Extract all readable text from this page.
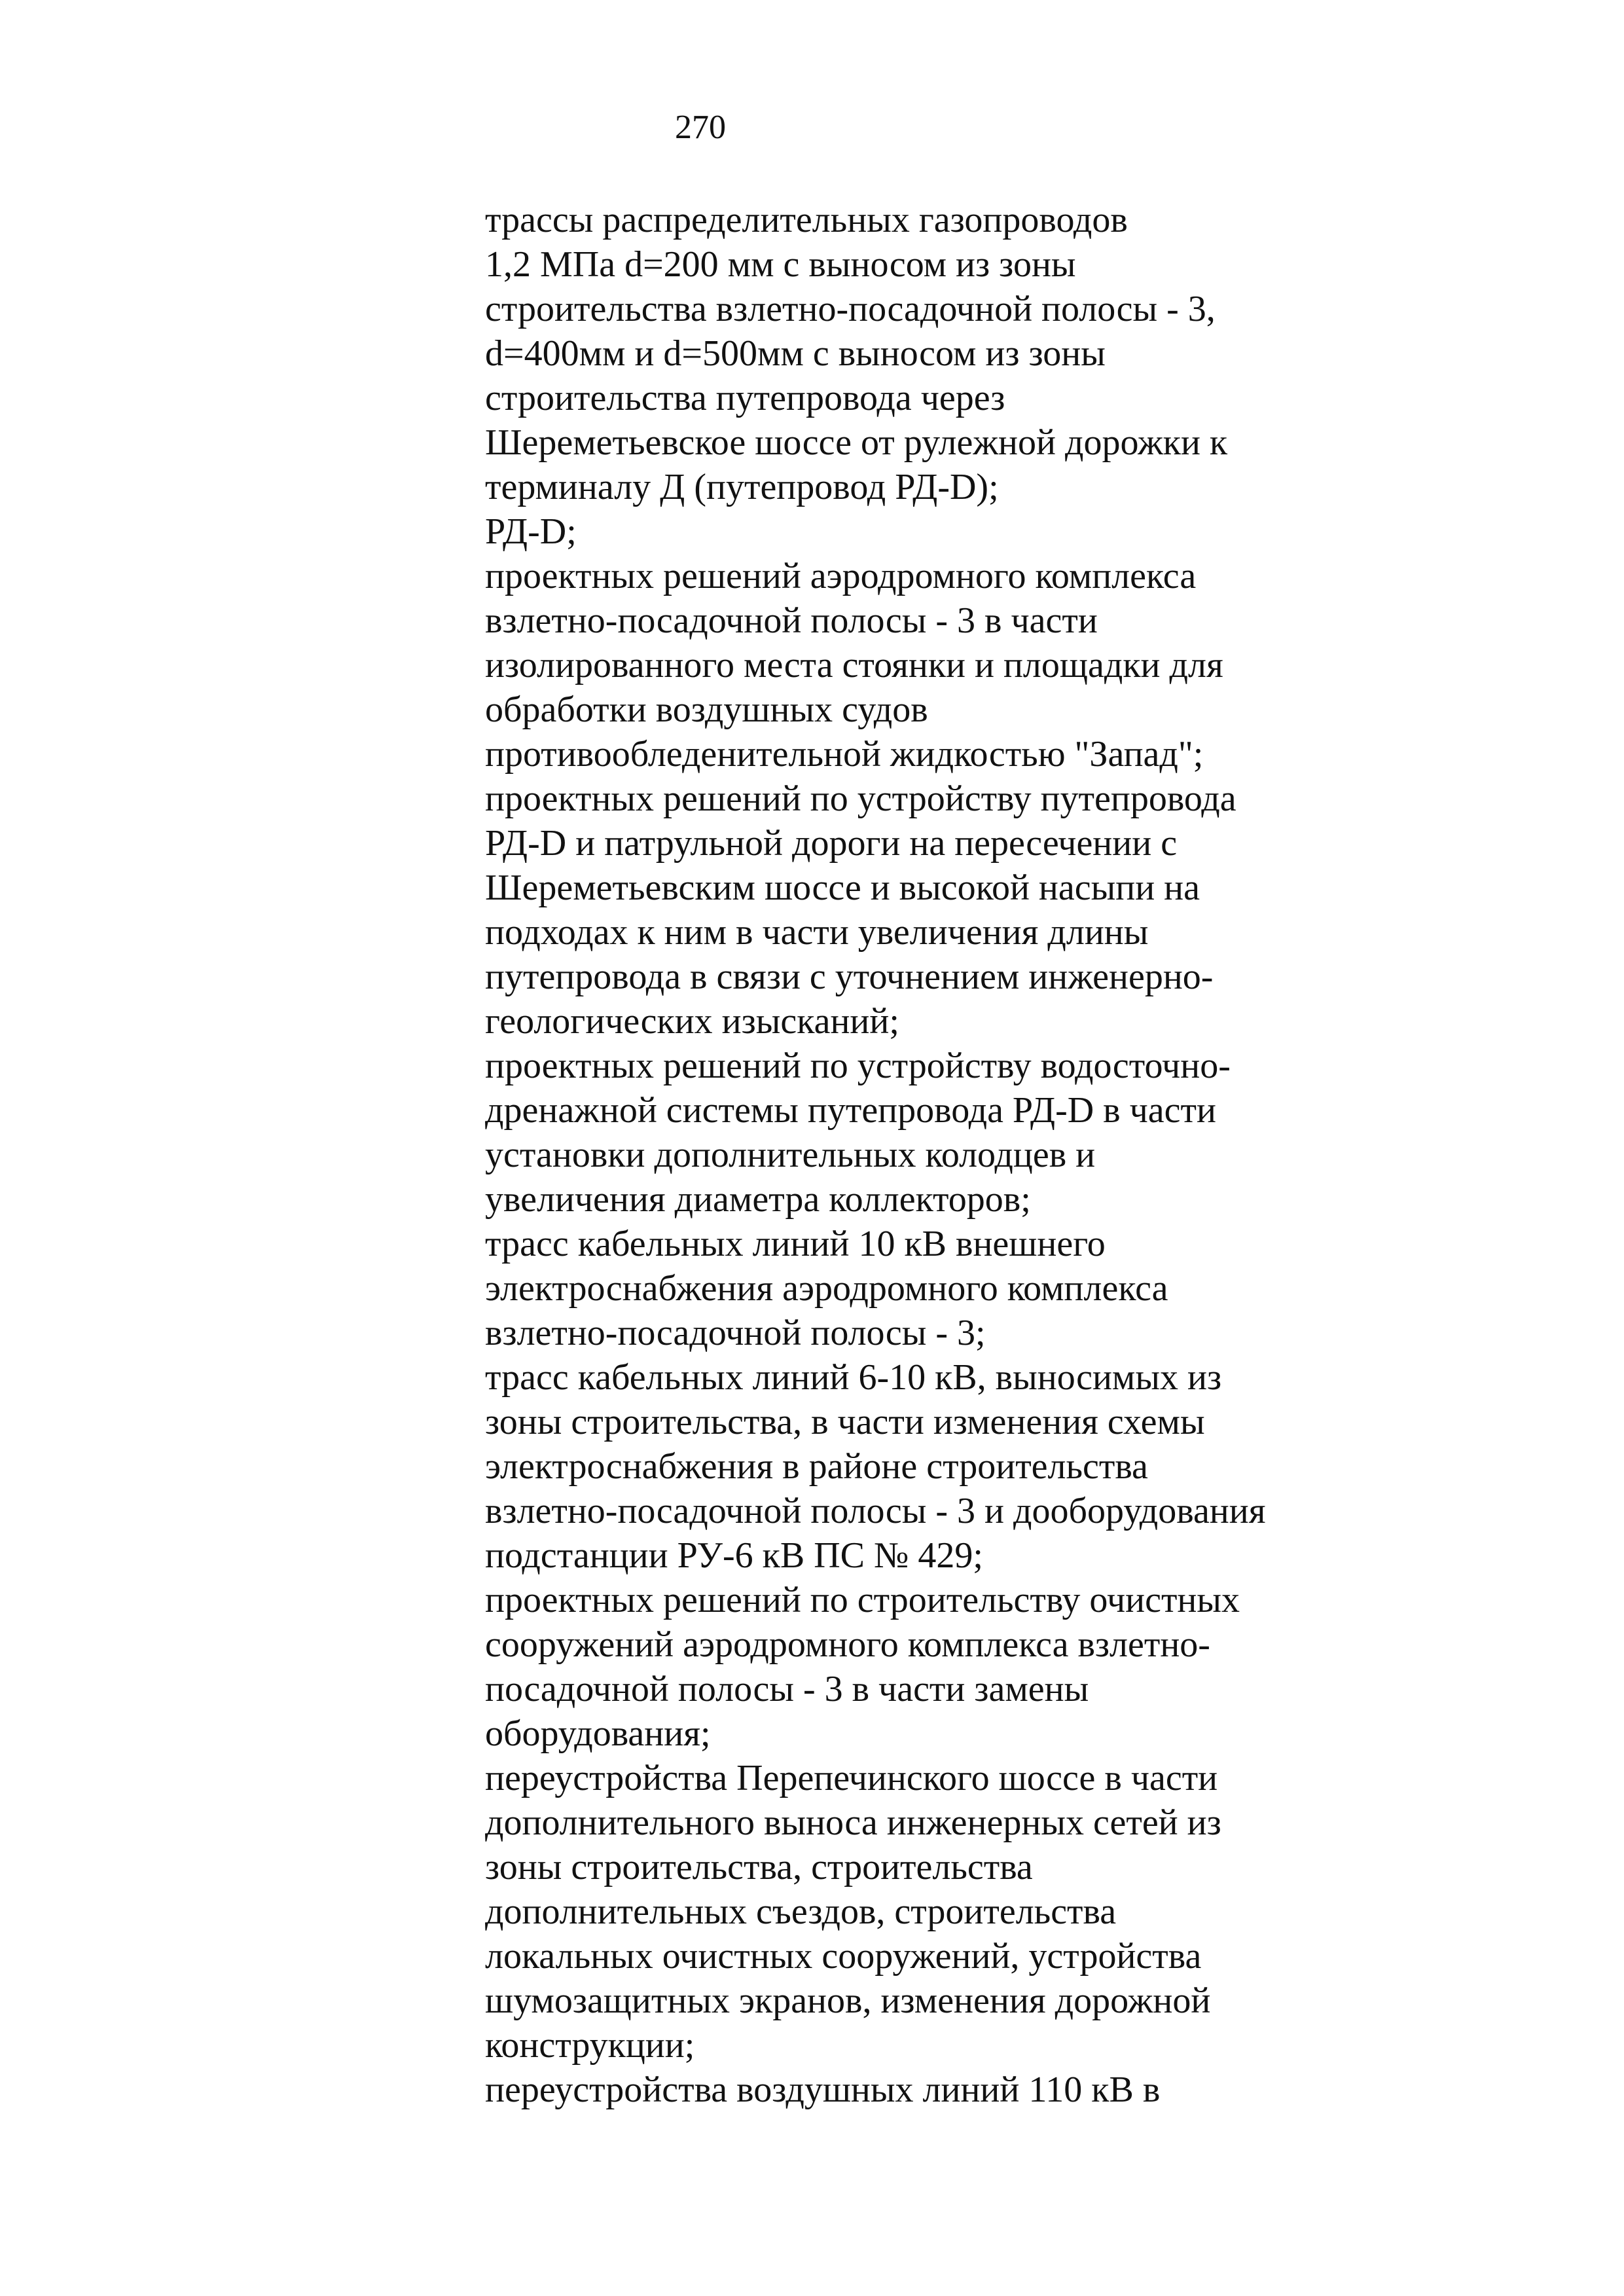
270
трассы распределительных газопроводов
1,2 МПа d=200 мм с выносом из зоны
строительства взлетно-посадочной полосы - 3,
d=400мм и d=500мм с выносом из зоны
строительства путепровода через
Шереметьевское шоссе от рулежной дорожки к
терминалу Д (путепровод РД-D);
РД-D;
проектных решений аэродромного комплекса
взлетно-посадочной полосы - 3 в части
изолированного места стоянки и площадки для
обработки воздушных судов
противообледенительной жидкостью "Запад";
проектных решений по устройству путепровода
РД-D и патрульной дороги на пересечении с
Шереметьевским шоссе и высокой насыпи на
подходах к ним в части увеличения длины
путепровода в связи с уточнением инженерно-
геологических изысканий;
проектных решений по устройству водосточно-
дренажной системы путепровода РД-D в части
установки дополнительных колодцев и
увеличения диаметра коллекторов;
трасс кабельных линий 10 кВ внешнего
электроснабжения аэродромного комплекса
взлетно-посадочной полосы - 3;
трасс кабельных линий 6-10 кВ, выносимых из
зоны строительства, в части изменения схемы
электроснабжения в районе строительства
взлетно-посадочной полосы - 3 и дооборудования
подстанции РУ-6 кВ ПС № 429;
проектных решений по строительству очистных
сооружений аэродромного комплекса взлетно-
посадочной полосы - 3 в части замены
оборудования;
переустройства Перепечинского шоссе в части
дополнительного выноса инженерных сетей из
зоны строительства, строительства
дополнительных съездов, строительства
локальных очистных сооружений, устройства
шумозащитных экранов, изменения дорожной
конструкции;
переустройства воздушных линий 110 кВ в
